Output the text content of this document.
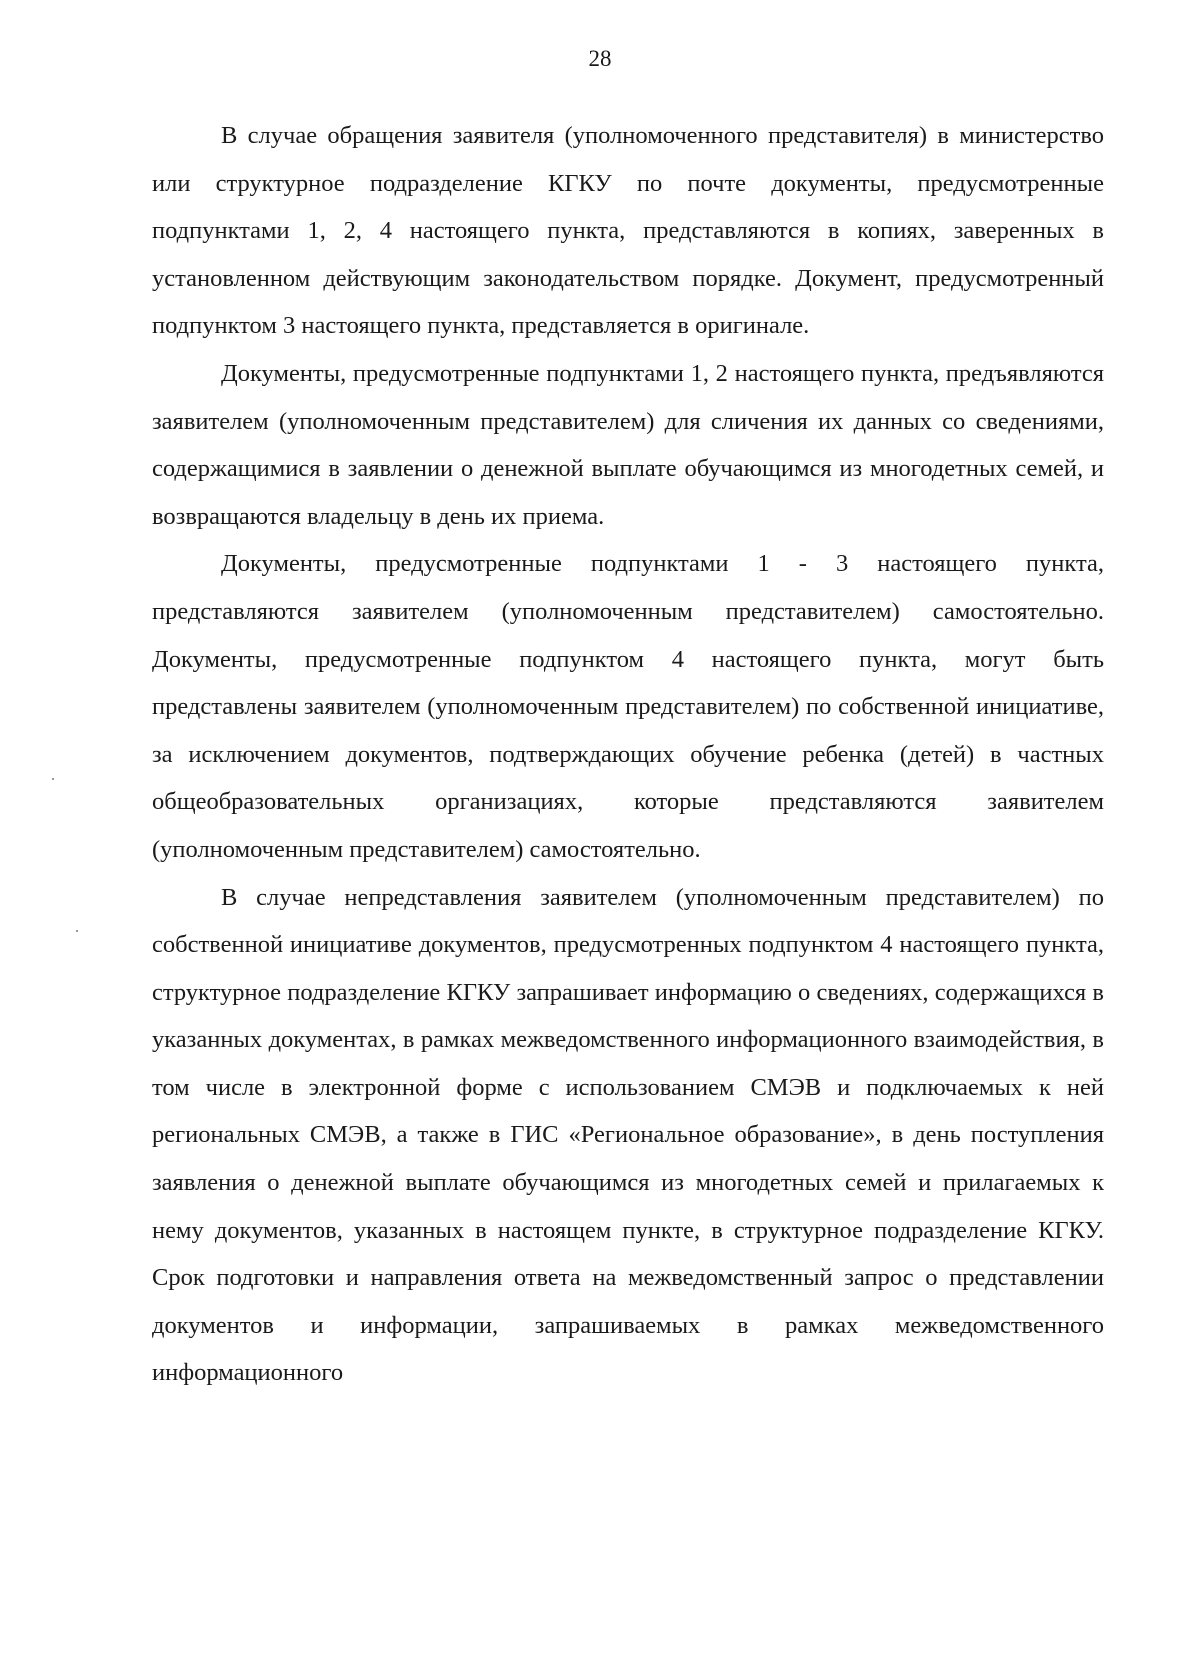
28

В случае обращения заявителя (уполномоченного представителя) в министерство или структурное подразделение КГКУ по почте документы, предусмотренные подпунктами 1, 2, 4 настоящего пункта, представляются в копиях, заверенных в установленном действующим законодательством порядке. Документ, предусмотренный подпунктом 3 настоящего пункта, представляется в оригинале.

Документы, предусмотренные подпунктами 1, 2 настоящего пункта, предъявляются заявителем (уполномоченным представителем) для сличения их данных со сведениями, содержащимися в заявлении о денежной выплате обучающимся из многодетных семей, и возвращаются владельцу в день их приема.

Документы, предусмотренные подпунктами 1 - 3 настоящего пункта, представляются заявителем (уполномоченным представителем) самостоятельно. Документы, предусмотренные подпунктом 4 настоящего пункта, могут быть представлены заявителем (уполномоченным представителем) по собственной инициативе, за исключением документов, подтверждающих обучение ребенка (детей) в частных общеобразовательных организациях, которые представляются заявителем (уполномоченным представителем) самостоятельно.

В случае непредставления заявителем (уполномоченным представителем) по собственной инициативе документов, предусмотренных подпунктом 4 настоящего пункта, структурное подразделение КГКУ запрашивает информацию о сведениях, содержащихся в указанных документах, в рамках межведомственного информационного взаимодействия, в том числе в электронной форме с использованием СМЭВ и подключаемых к ней региональных СМЭВ, а также в ГИС «Региональное образование», в день поступления заявления о денежной выплате обучающимся из многодетных семей и прилагаемых к нему документов, указанных в настоящем пункте, в структурное подразделение КГКУ. Срок подготовки и направления ответа на межведомственный запрос о представлении документов и информации, запрашиваемых в рамках межведомственного информационного
